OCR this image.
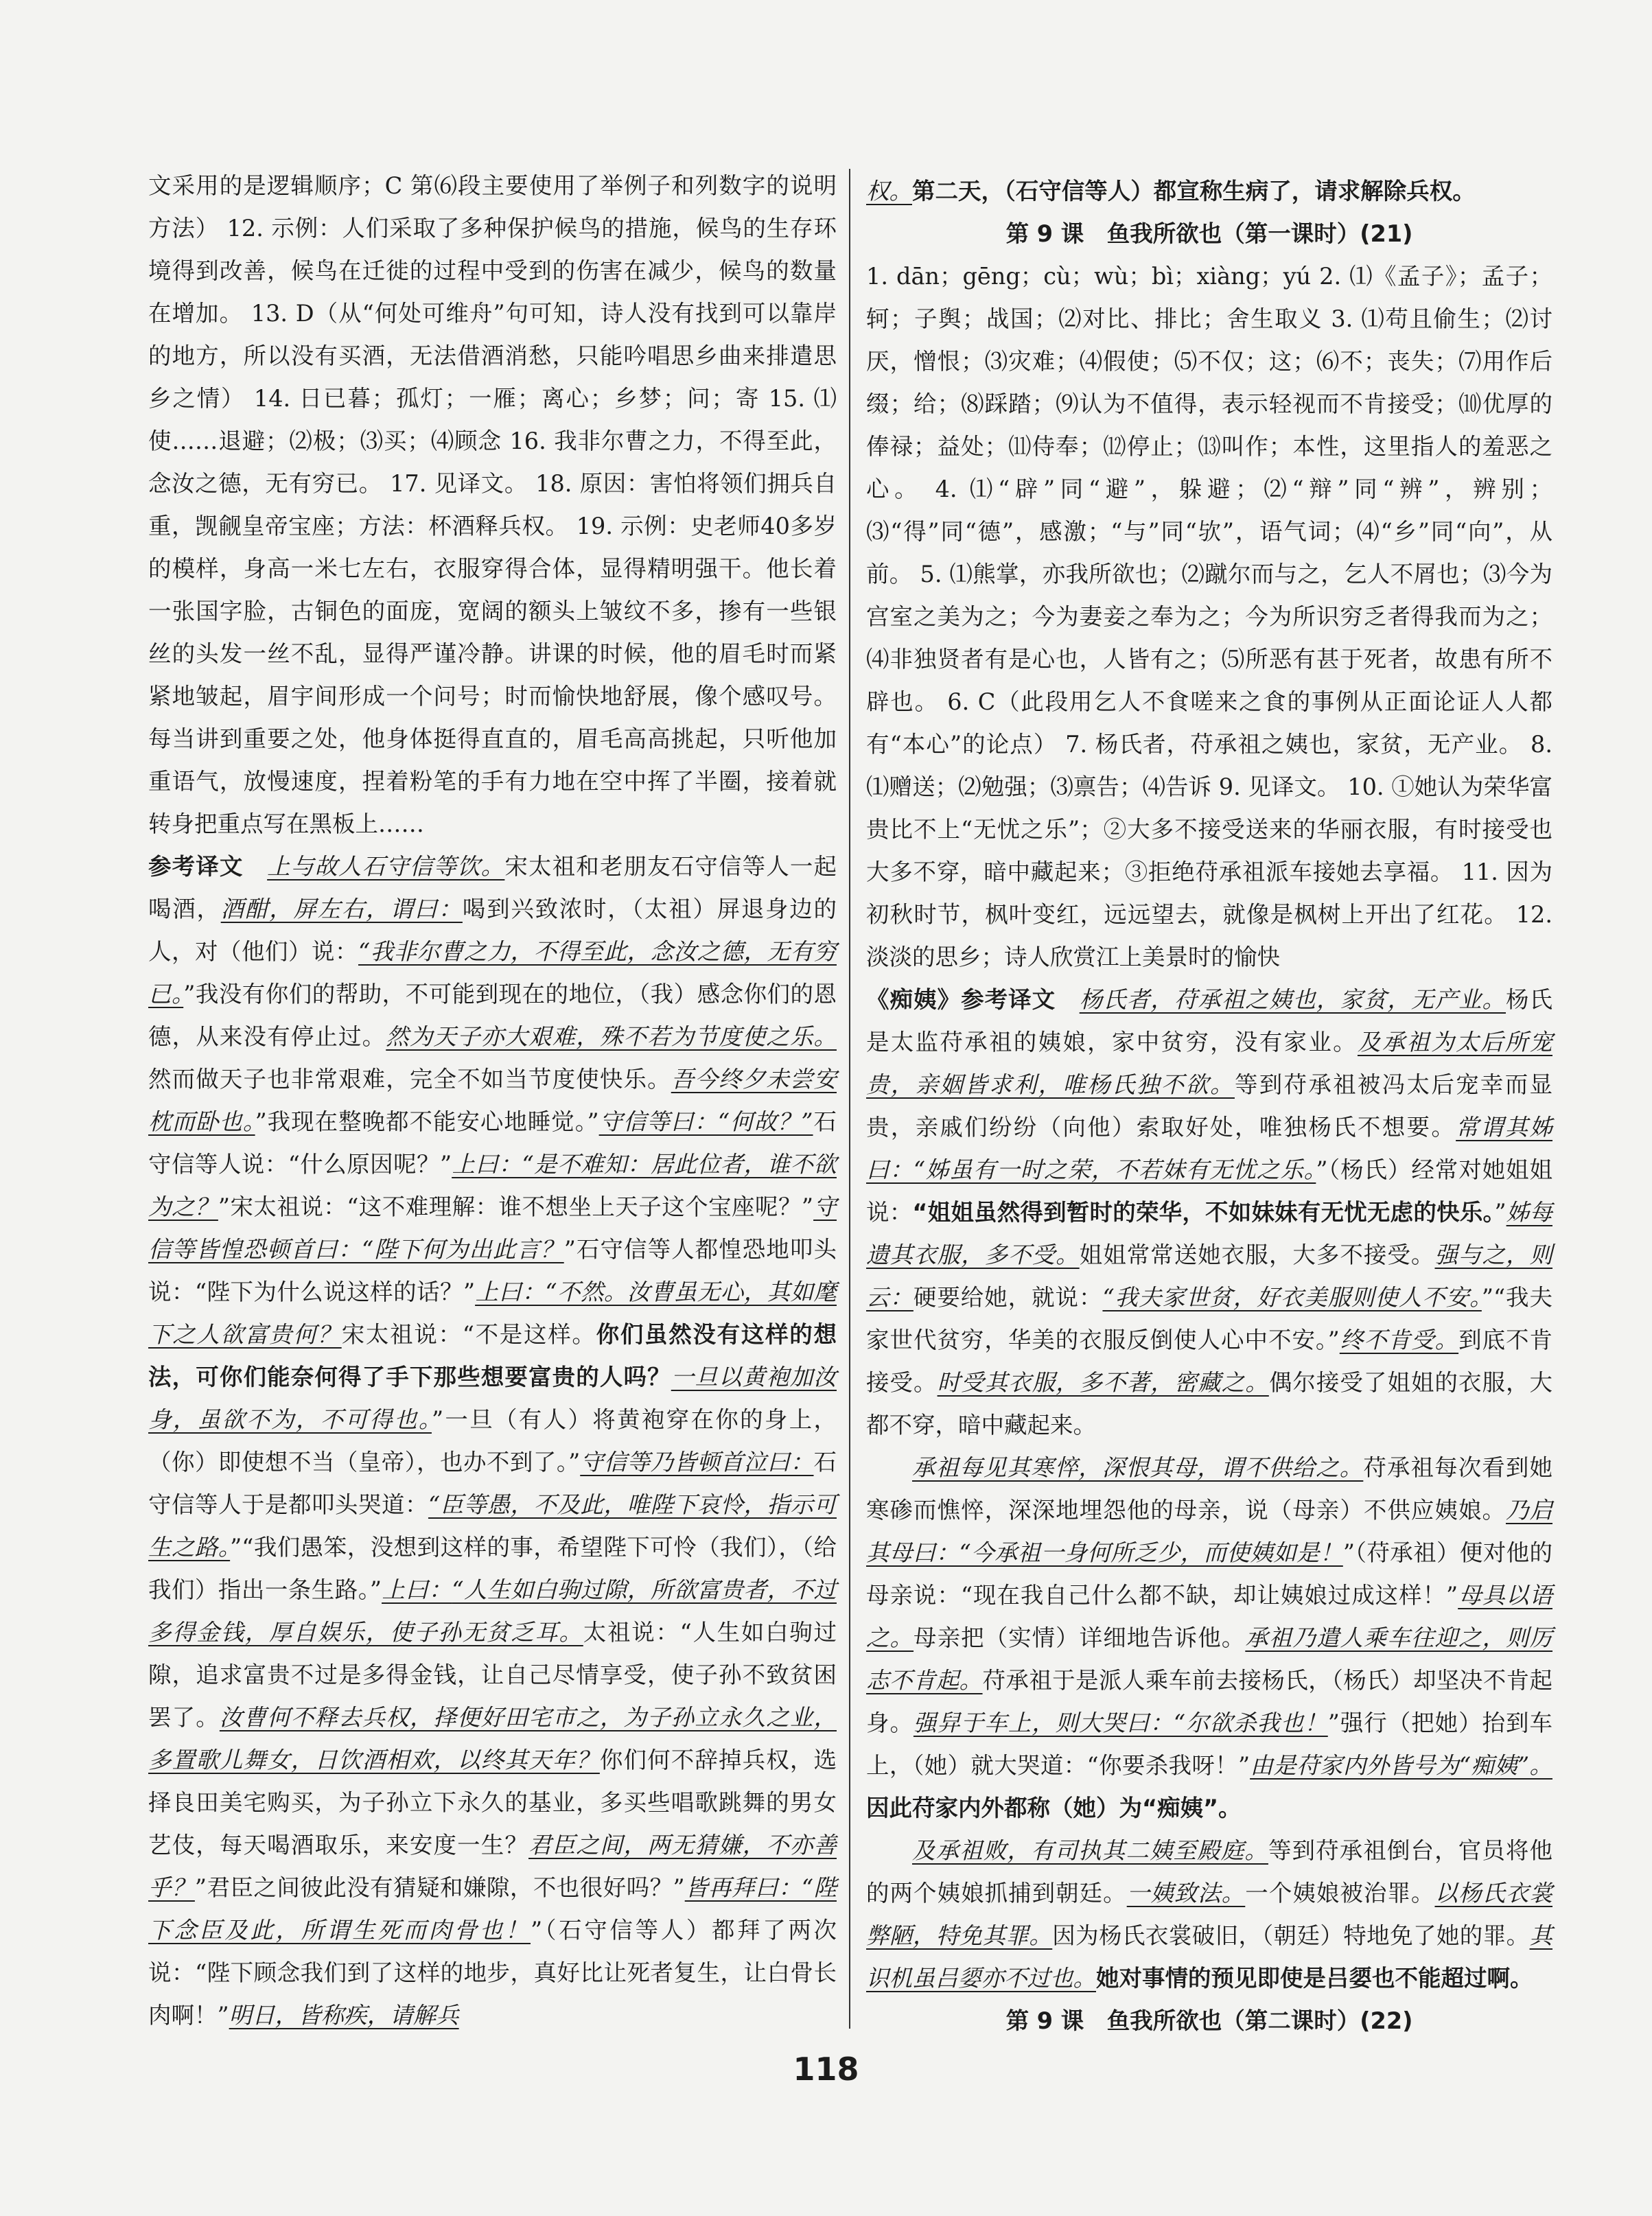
文采用的是逻辑顺序；C 第⑹段主要使用了举例子和列数字的说明方法） 12. 示例：人们采取了多种保护候鸟的措施，候鸟的生存环境得到改善，候鸟在迁徙的过程中受到的伤害在减少，候鸟的数量在增加。 13. D（从“何处可维舟”句可知，诗人没有找到可以靠岸的地方，所以没有买酒，无法借酒消愁，只能吟唱思乡曲来排遣思乡之情） 14. 日已暮；孤灯；一雁；离心；乡梦；问；寄 15. ⑴使……退避；⑵极；⑶买；⑷顾念 16. 我非尔曹之力，不得至此，念汝之德，无有穷已。 17. 见译文。 18. 原因：害怕将领们拥兵自重，觊觎皇帝宝座；方法：杯酒释兵权。 19. 示例：史老师40多岁的模样，身高一米七左右，衣服穿得合体，显得精明强干。他长着一张国字脸，古铜色的面庞，宽阔的额头上皱纹不多，掺有一些银丝的头发一丝不乱，显得严谨冷静。讲课的时候，他的眉毛时而紧紧地皱起，眉宇间形成一个问号；时而愉快地舒展，像个感叹号。每当讲到重要之处，他身体挺得直直的，眉毛高高挑起，只听他加重语气，放慢速度，捏着粉笔的手有力地在空中挥了半圈，接着就转身把重点写在黑板上……

参考译文　 上与故人石守信等饮。宋太祖和老朋友石守信等人一起喝酒，酒酣，屏左右，谓曰：喝到兴致浓时，（太祖）屏退身边的人，对（他们）说：“我非尔曹之力，不得至此，念汝之德，无有穷已。”我没有你们的帮助，不可能到现在的地位，（我）感念你们的恩德，从来没有停止过。然为天子亦大艰难，殊不若为节度使之乐。然而做天子也非常艰难，完全不如当节度使快乐。吾今终夕未尝安枕而卧也。”我现在整晚都不能安心地睡觉。”守信等曰：“何故？”石守信等人说：“什么原因呢？”上曰：“是不难知：居此位者，谁不欲为之？”宋太祖说：“这不难理解：谁不想坐上天子这个宝座呢？”守信等皆惶恐顿首曰：“陛下何为出此言？”石守信等人都惶恐地叩头说：“陛下为什么说这样的话？”上曰：“不然。汝曹虽无心，其如麾下之人欲富贵何？宋太祖说：“不是这样。你们虽然没有这样的想法，可你们能奈何得了手下那些想要富贵的人吗？一旦以黄袍加汝身，虽欲不为，不可得也。”一旦（有人）将黄袍穿在你的身上，（你）即使想不当（皇帝），也办不到了。”守信等乃皆顿首泣曰：石守信等人于是都叩头哭道：“臣等愚，不及此，唯陛下哀怜，指示可生之路。”“我们愚笨，没想到这样的事，希望陛下可怜（我们），（给我们）指出一条生路。”上曰：“人生如白驹过隙，所欲富贵者，不过多得金钱，厚自娱乐，使子孙无贫乏耳。太祖说：“人生如白驹过隙，追求富贵不过是多得金钱，让自己尽情享受，使子孙不致贫困罢了。汝曹何不释去兵权，择便好田宅市之，为子孙立永久之业，多置歌儿舞女，日饮酒相欢，以终其天年？你们何不辞掉兵权，选择良田美宅购买，为子孙立下永久的基业，多买些唱歌跳舞的男女艺伎，每天喝酒取乐，来安度一生？君臣之间，两无猜嫌，不亦善乎？”君臣之间彼此没有猜疑和嫌隙，不也很好吗？”皆再拜曰：“陛下念臣及此，所谓生死而肉骨也！”（石守信等人）都拜了两次说：“陛下顾念我们到了这样的地步，真好比让死者复生，让白骨长肉啊！”明日，皆称疾，请解兵

权。第二天，（石守信等人）都宣称生病了，请求解除兵权。

第 9 课　鱼我所欲也（第一课时）(21)

1. dān；gēng；cù；wù；bì；xiàng；yú 2. ⑴《孟子》；孟子；轲；子舆；战国；⑵对比、排比；舍生取义 3. ⑴苟且偷生；⑵讨厌，憎恨；⑶灾难；⑷假使；⑸不仅；这；⑹不；丧失；⑺用作后缀；给；⑻踩踏；⑼认为不值得，表示轻视而不肯接受；⑽优厚的俸禄；益处；⑾侍奉；⑿停止；⒀叫作；本性，这里指人的羞恶之心。 4. ⑴“辟”同“避”，躲避；⑵“辩”同“辨”，辨别；⑶“得”同“德”，感激；“与”同“欤”，语气词；⑷“乡”同“向”，从前。 5. ⑴熊掌，亦我所欲也；⑵蹴尔而与之，乞人不屑也；⑶今为宫室之美为之；今为妻妾之奉为之；今为所识穷乏者得我而为之；⑷非独贤者有是心也，人皆有之；⑸所恶有甚于死者，故患有所不辟也。 6. C（此段用乞人不食嗟来之食的事例从正面论证人人都有“本心”的论点） 7. 杨氏者，苻承祖之姨也，家贫，无产业。 8. ⑴赠送；⑵勉强；⑶禀告；⑷告诉 9. 见译文。 10. ①她认为荣华富贵比不上“无忧之乐”；②大多不接受送来的华丽衣服，有时接受也大多不穿，暗中藏起来；③拒绝苻承祖派车接她去享福。 11. 因为初秋时节，枫叶变红，远远望去，就像是枫树上开出了红花。 12. 淡淡的思乡；诗人欣赏江上美景时的愉快

《痴姨》参考译文　 杨氏者，苻承祖之姨也，家贫，无产业。杨氏是太监苻承祖的姨娘，家中贫穷，没有家业。及承祖为太后所宠贵，亲姻皆求利，唯杨氏独不欲。等到苻承祖被冯太后宠幸而显贵，亲戚们纷纷（向他）索取好处，唯独杨氏不想要。常谓其姊曰：“姊虽有一时之荣，不若妹有无忧之乐。”（杨氏）经常对她姐姐说：“姐姐虽然得到暂时的荣华，不如妹妹有无忧无虑的快乐。”姊每遗其衣服，多不受。姐姐常常送她衣服，大多不接受。强与之，则云：硬要给她，就说：“我夫家世贫，好衣美服则使人不安。”“我夫家世代贫穷，华美的衣服反倒使人心中不安。”终不肯受。到底不肯接受。时受其衣服，多不著，密藏之。偶尔接受了姐姐的衣服，大都不穿，暗中藏起来。

承祖每见其寒悴，深恨其母，谓不供给之。苻承祖每次看到她寒碜而憔悴，深深地埋怨他的母亲，说（母亲）不供应姨娘。乃启其母曰：“今承祖一身何所乏少，而使姨如是！”（苻承祖）便对他的母亲说：“现在我自己什么都不缺，却让姨娘过成这样！”母具以语之。母亲把（实情）详细地告诉他。承祖乃遣人乘车往迎之，则厉志不肯起。苻承祖于是派人乘车前去接杨氏，（杨氏）却坚决不肯起身。强舁于车上，则大哭曰：“尔欲杀我也！”强行（把她）抬到车上，（她）就大哭道：“你要杀我呀！”由是苻家内外皆号为“痴姨”。因此苻家内外都称（她）为“痴姨”。

及承祖败，有司执其二姨至殿庭。等到苻承祖倒台，官员将他的两个姨娘抓捕到朝廷。一姨致法。一个姨娘被治罪。以杨氏衣裳弊陋，特免其罪。因为杨氏衣裳破旧，（朝廷）特地免了她的罪。其识机虽吕媭亦不过也。她对事情的预见即使是吕媭也不能超过啊。

第 9 课　鱼我所欲也（第二课时）(22)

118
